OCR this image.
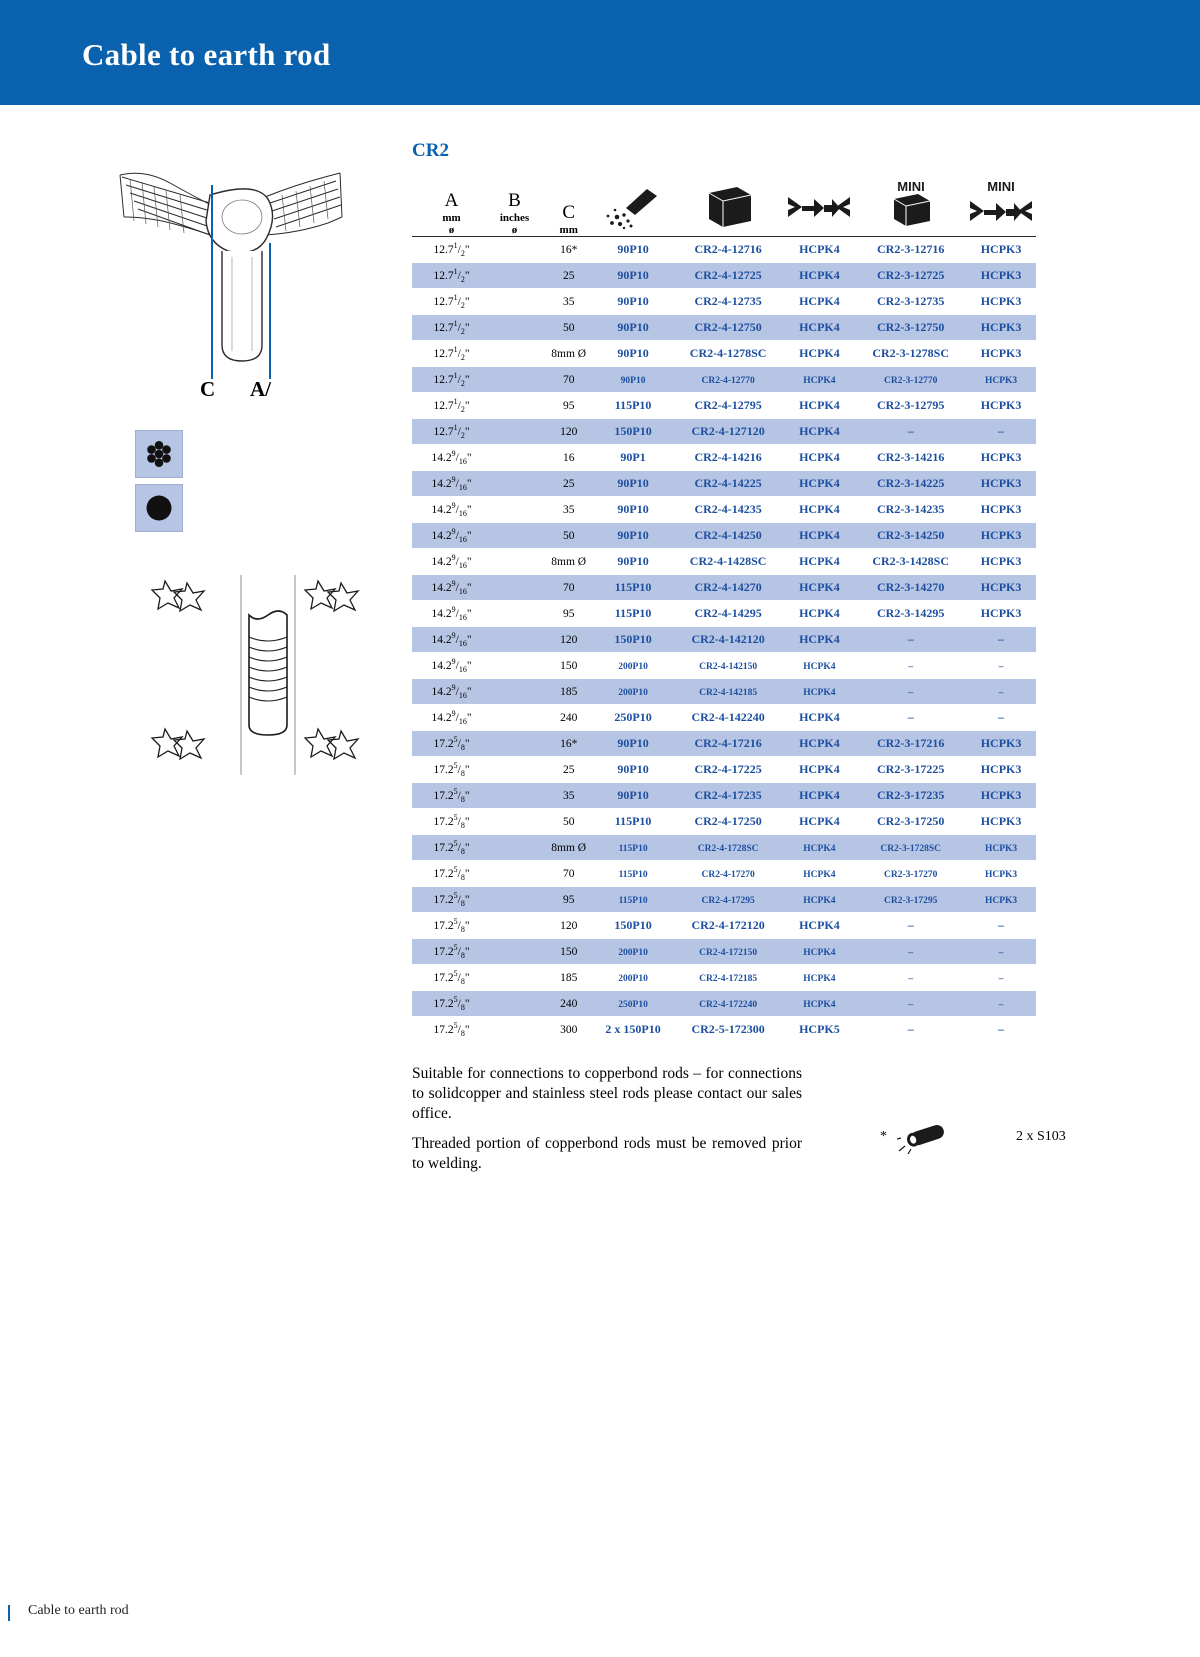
Cable to earth rod
C A/
CR2
A
mm
ø

B
inches
ø

C
mm

MINI	MINI

$12.7^1/_2$"		16*	90P10	CR2-4-12716	HCPK4	CR2-3-12716	HCPK3
$12.7^1/_2$"		25	90P10	CR2-4-12725	HCPK4	CR2-3-12725	HCPK3
$12.7^1/_2$"		35	90P10	CR2-4-12735	HCPK4	CR2-3-12735	HCPK3
$12.7^1/_2$"		50	90P10	CR2-4-12750	HCPK4	CR2-3-12750	HCPK3
$12.7^1/_2$"		8mm Ø	90P10	CR2-4-1278SC	HCPK4	CR2-3-1278SC	HCPK3
$12.7^1/_2$"		70	90P10	CR2-4-12770	HCPK4	CR2-3-12770	HCPK3
$12.7^1/_2$"		95	115P10	CR2-4-12795	HCPK4	CR2-3-12795	HCPK3
$12.7^1/_2$"		120	150P10	CR2-4-127120	HCPK4	–	–
$14.2^9/_{16}$"		16	90P1	CR2-4-14216	HCPK4	CR2-3-14216	HCPK3
$14.2^9/_{16}$"		25	90P10	CR2-4-14225	HCPK4	CR2-3-14225	HCPK3
$14.2^9/_{16}$"		35	90P10	CR2-4-14235	HCPK4	CR2-3-14235	HCPK3
$14.2^9/_{16}$"		50	90P10	CR2-4-14250	HCPK4	CR2-3-14250	HCPK3
$14.2^9/_{16}$"		8mm Ø	90P10	CR2-4-1428SC	HCPK4	CR2-3-1428SC	HCPK3
$14.2^9/_{16}$"		70	115P10	CR2-4-14270	HCPK4	CR2-3-14270	HCPK3
$14.2^9/_{16}$"		95	115P10	CR2-4-14295	HCPK4	CR2-3-14295	HCPK3
$14.2^9/_{16}$"		120	150P10	CR2-4-142120	HCPK4	–	–
$14.2^9/_{16}$"		150	200P10	CR2-4-142150	HCPK4	–	–
$14.2^9/_{16}$"		185	200P10	CR2-4-142185	HCPK4	–	–
$14.2^9/_{16}$"		240	250P10	CR2-4-142240	HCPK4	–	–
$17.2^5/_8$"		16*	90P10	CR2-4-17216	HCPK4	CR2-3-17216	HCPK3
$17.2^5/_8$"		25	90P10	CR2-4-17225	HCPK4	CR2-3-17225	HCPK3
$17.2^5/_8$"		35	90P10	CR2-4-17235	HCPK4	CR2-3-17235	HCPK3
$17.2^5/_8$"		50	115P10	CR2-4-17250	HCPK4	CR2-3-17250	HCPK3
$17.2^5/_8$"		8mm Ø	115P10	CR2-4-1728SC	HCPK4	CR2-3-1728SC	HCPK3
$17.2^5/_8$"		70	115P10	CR2-4-17270	HCPK4	CR2-3-17270	HCPK3
$17.2^5/_8$"		95	115P10	CR2-4-17295	HCPK4	CR2-3-17295	HCPK3
$17.2^5/_8$"		120	150P10	CR2-4-172120	HCPK4	–	–
$17.2^5/_8$"		150	200P10	CR2-4-172150	HCPK4	–	–
$17.2^5/_8$"		185	200P10	CR2-4-172185	HCPK4	–	–
$17.2^5/_8$"		240	250P10	CR2-4-172240	HCPK4	–	–
$17.2^5/_8$"		300	2 x 150P10	CR2-5-172300	HCPK5	–	–

Suitable for connections to copperbond rods – for connections to solidcopper and stainless steel rods please contact our sales office.

Threaded portion of copperbond rods must be removed prior to welding.

*	2 x S103
Cable to earth rod
